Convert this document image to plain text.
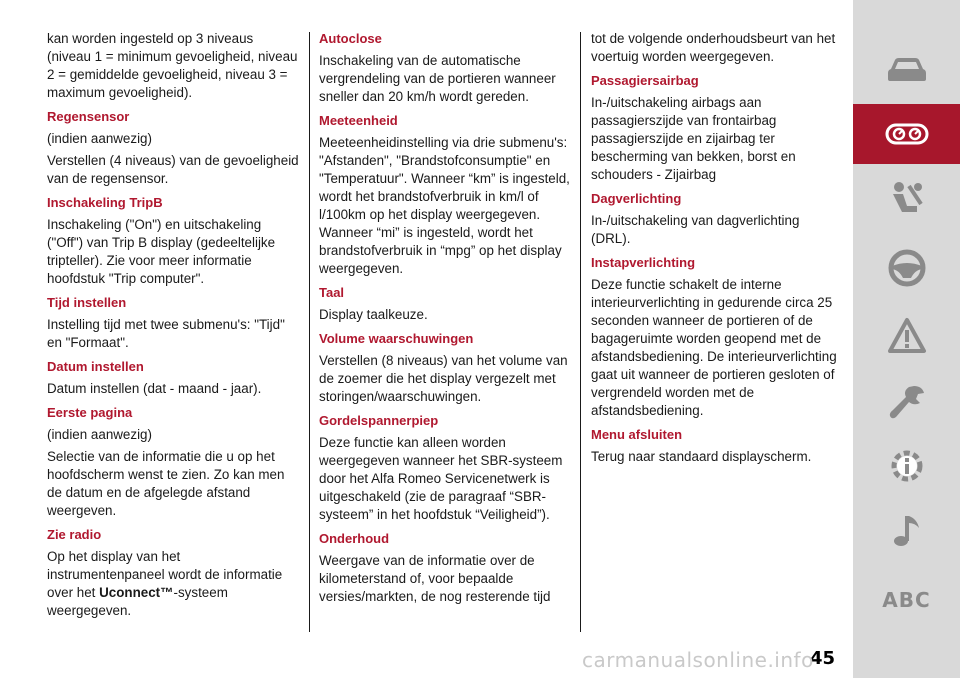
kan worden ingesteld op 3 niveaus (niveau 1 = minimum gevoeligheid, niveau 2 = gemiddelde gevoeligheid, niveau 3 = maximum gevoeligheid).

Regensensor

(indien aanwezig)

Verstellen (4 niveaus) van de gevoeligheid van de regensensor.

Inschakeling TripB

Inschakeling ("On") en uitschakeling ("Off") van Trip B display (gedeeltelijke tripteller). Zie voor meer informatie hoofdstuk "Trip computer".

Tijd instellen

Instelling tijd met twee submenu's: "Tijd" en "Formaat".

Datum instellen

Datum instellen (dat - maand - jaar).

Eerste pagina

(indien aanwezig)

Selectie van de informatie die u op het hoofdscherm wenst te zien. Zo kan men de datum en de afgelegde afstand weergeven.

Zie radio

Op het display van het instrumentenpaneel wordt de informatie over het Uconnect™-systeem weergegeven.

Autoclose

Inschakeling van de automatische vergrendeling van de portieren wanneer sneller dan 20 km/h wordt gereden.

Meeteenheid

Meeteenheidinstelling via drie submenu's: "Afstanden", "Brandstofconsumptie" en "Temperatuur". Wanneer “km” is ingesteld, wordt het brandstofverbruik in km/l of l/100km op het display weergegeven. Wanneer “mi” is ingesteld, wordt het brandstofverbruik in “mpg” op het display weergegeven.

Taal

Display taalkeuze.

Volume waarschuwingen

Verstellen (8 niveaus) van het volume van de zoemer die het display vergezelt met storingen/waarschuwingen.

Gordelspannerpiep

Deze functie kan alleen worden weergegeven wanneer het SBR-systeem door het Alfa Romeo Servicenetwerk is uitgeschakeld (zie de paragraaf “SBR-systeem” in het hoofdstuk “Veiligheid”).

Onderhoud

Weergave van de informatie over de kilometerstand of, voor bepaalde versies/markten, de nog resterende tijd

tot de volgende onderhoudsbeurt van het voertuig worden weergegeven.

Passagiersairbag

In-/uitschakeling airbags aan passagierszijde van frontairbag passagierszijde en zijairbag ter bescherming van bekken, borst en schouders - Zijairbag

Dagverlichting

In-/uitschakeling van dagverlichting (DRL).

Instapverlichting

Deze functie schakelt de interne interieurverlichting in gedurende circa 25 seconden wanneer de portieren of de bagageruimte worden geopend met de afstandsbediening. De interieurverlichting gaat uit wanneer de portieren gesloten of vergrendeld worden met de afstandsbediening.

Menu afsluiten

Terug naar standaard displayscherm.

ABC
45
carmanualsonline.info
